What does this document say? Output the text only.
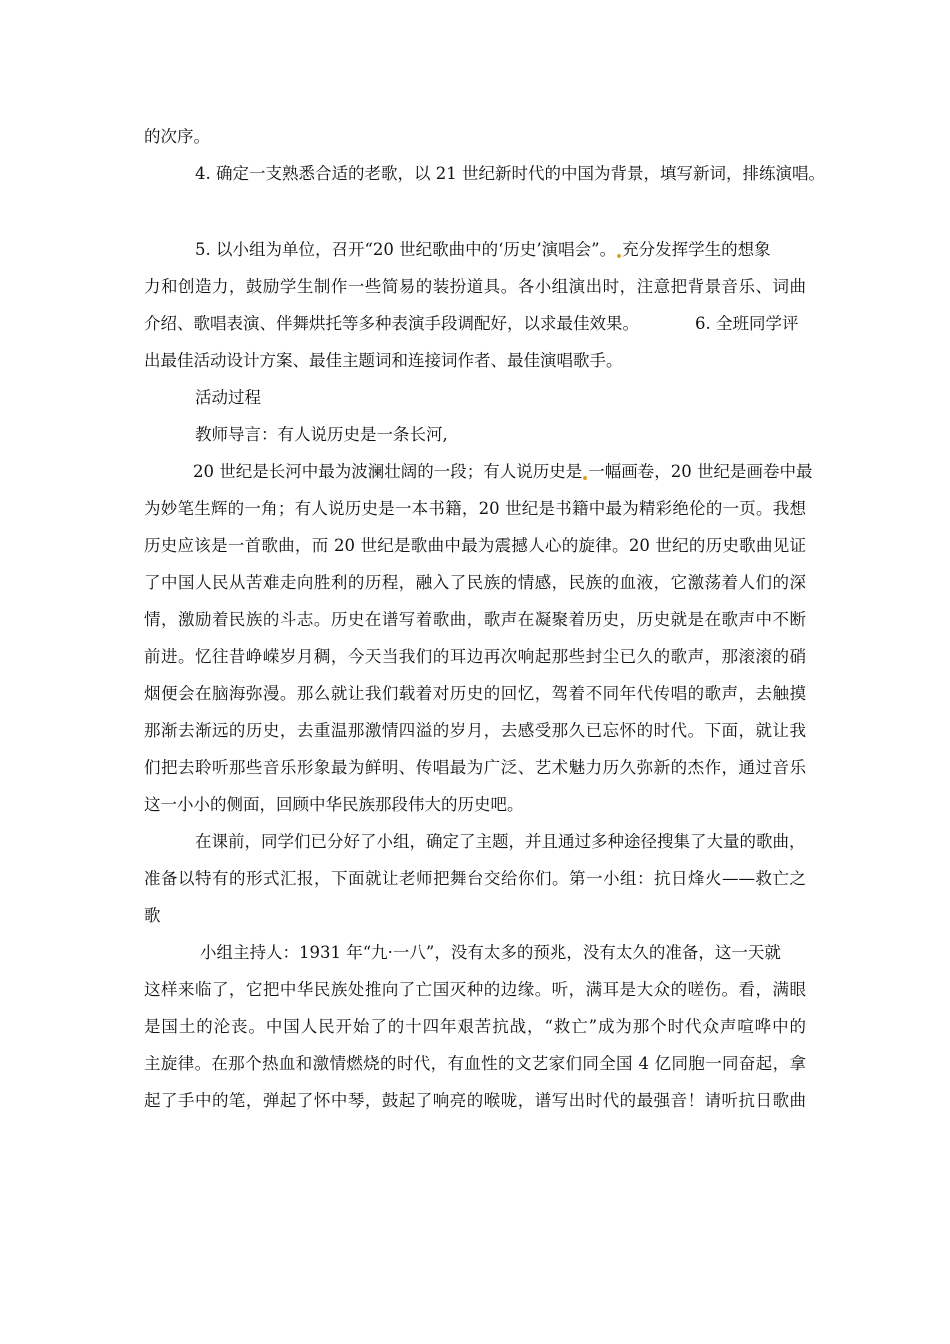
的次序。
4. 确定一支熟悉合适的老歌，以 21 世纪新时代的中国为背景，填写新词，排练演唱。
5. 以小组为单位，召开“20 世纪歌曲中的‘历史’演唱会”。 充分发挥学生的想象
力和创造力，鼓励学生制作一些简易的装扮道具。各小组演出时，注意把背景音乐、词曲
介绍、歌唱表演、伴舞烘托等多种表演手段调配好，以求最佳效果。	6. 全班同学评
出最佳活动设计方案、最佳主题词和连接词作者、最佳演唱歌手。
活动过程
教师导言：有人说历史是一条长河,
20 世纪是长河中最为波澜壮阔的一段；有人说历史是 一幅画卷，20 世纪是画卷中最
为妙笔生辉的一角；有人说历史是一本书籍，20 世纪是书籍中最为精彩绝伦的一页。我想
历史应该是一首歌曲，而 20 世纪是歌曲中最为震撼人心的旋律。20 世纪的历史歌曲见证
了中国人民从苦难走向胜利的历程，融入了民族的情感，民族的血液，它激荡着人们的深
情，激励着民族的斗志。历史在谱写着歌曲，歌声在凝聚着历史，历史就是在歌声中不断
前进。忆往昔峥嵘岁月稠，今天当我们的耳边再次响起那些封尘已久的歌声，那滚滚的硝
烟便会在脑海弥漫。那么就让我们载着对历史的回忆，驾着不同年代传唱的歌声，去触摸
那渐去渐远的历史，去重温那激情四溢的岁月，去感受那久已忘怀的时代。下面，就让我
们把去聆听那些音乐形象最为鲜明、传唱最为广泛、艺术魅力历久弥新的杰作，通过音乐
这一小小的侧面，回顾中华民族那段伟大的历史吧。
在课前，同学们已分好了小组，确定了主题，并且通过多种途径搜集了大量的歌曲，
准备以特有的形式汇报，下面就让老师把舞台交给你们。第一小组：抗日烽火——救亡之
歌
小组主持人：1931 年“九·一八”，没有太多的预兆，没有太久的准备，这一天就
这样来临了，它把中华民族处推向了亡国灭种的边缘。听，满耳是大众的嗟伤。看，满眼
是国土的沦丧。中国人民开始了的十四年艰苦抗战，“救亡”成为那个时代众声喧哗中的
主旋律。在那个热血和激情燃烧的时代，有血性的文艺家们同全国 4 亿同胞一同奋起，拿
起了手中的笔，弹起了怀中琴，鼓起了响亮的喉咙，谱写出时代的最强音！请听抗日歌曲
